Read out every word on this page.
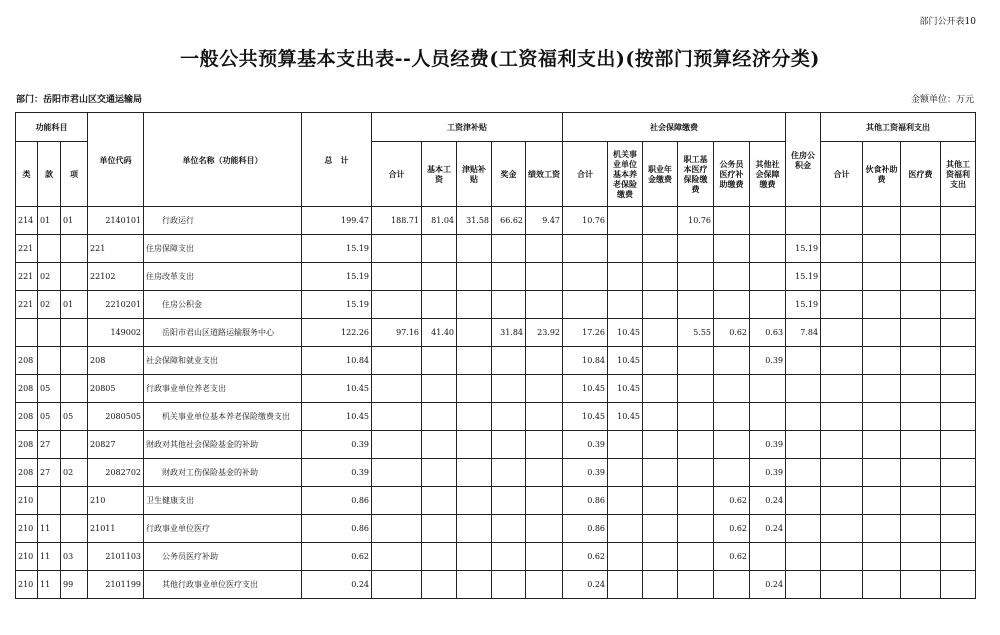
部门公开表10
一般公共预算基本支出表--人员经费(工资福利支出)(按部门预算经济分类)
部门：岳阳市君山区交通运输局	金额单位：万元
功能科目			单位代码	单位名称（功能科目）	总　计	工资津补贴					社会保障缴费						住房公积金	其他工资福利支出			
类	款	项				合计	基本工资	津贴补贴	奖金	绩效工资	合计	机关事业单位基本养老保险缴费	职业年金缴费	职工基本医疗保险缴费	公务员医疗补助缴费	其他社会保障缴费		合计	伙食补助费	医疗费	其他工资福利支出
214	01	01	2140101	行政运行	199.47	188.71	81.04	31.58	66.62	9.47	10.76			10.76							
221			221	住房保障支出	15.19												15.19				
221	02		22102	住房改革支出	15.19												15.19				
221	02	01	2210201	住房公积金	15.19												15.19				
			149002	岳阳市君山区道路运输服务中心	122.26	97.16	41.40		31.84	23.92	17.26	10.45		5.55	0.62	0.63	7.84				
208			208	社会保障和就业支出	10.84						10.84	10.45				0.39					
208	05		20805	行政事业单位养老支出	10.45						10.45	10.45									
208	05	05	2080505	机关事业单位基本养老保险缴费支出	10.45						10.45	10.45									
208	27		20827	财政对其他社会保险基金的补助	0.39						0.39					0.39					
208	27	02	2082702	财政对工伤保险基金的补助	0.39						0.39					0.39					
210			210	卫生健康支出	0.86						0.86				0.62	0.24					
210	11		21011	行政事业单位医疗	0.86						0.86				0.62	0.24					
210	11	03	2101103	公务员医疗补助	0.62						0.62				0.62						
210	11	99	2101199	其他行政事业单位医疗支出	0.24						0.24					0.24					
